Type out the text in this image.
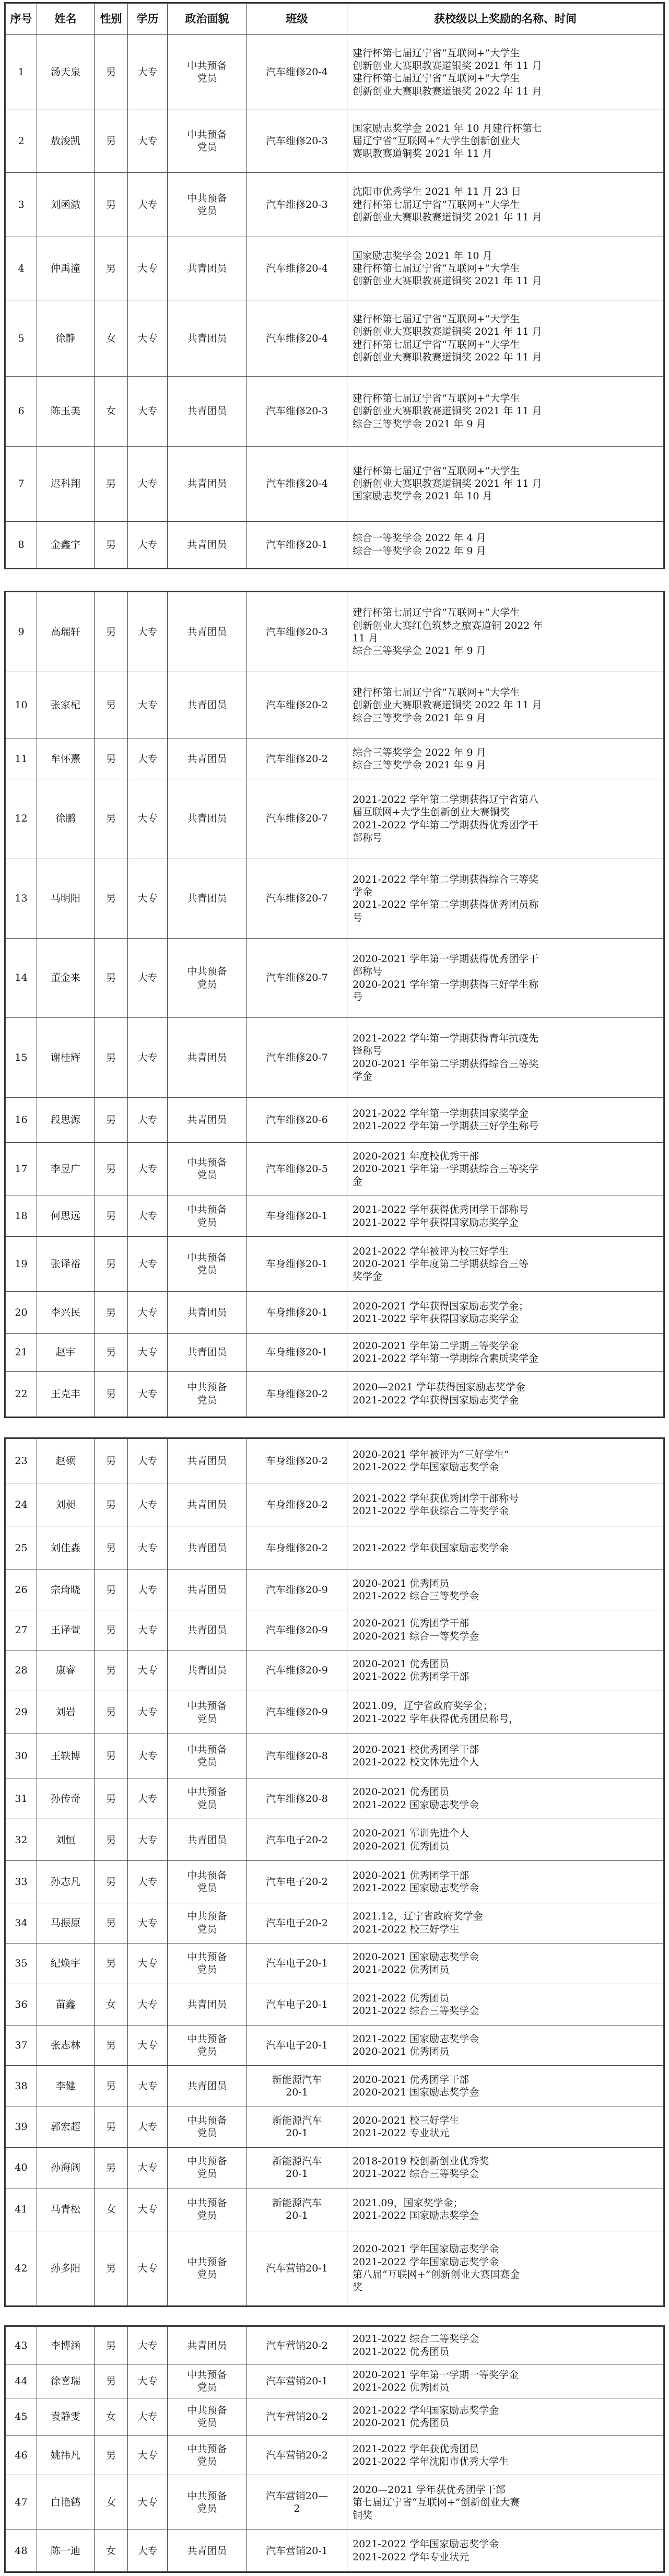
序号	姓名	性别	学历	政治面貌	班级	获校级以上奖励的名称、时间
1	汤天泉	男	大专	中共预备
党员	汽车维修20-4	建行杯第七届辽宁省“互联网+”大学生
创新创业大赛职教赛道银奖 2021 年 11 月
建行杯第七届辽宁省“互联网+”大学生
创新创业大赛职教赛道银奖 2022 年 11 月
2	敖浚凯	男	大专	中共预备
党员	汽车维修20-3	国家励志奖学金 2021 年 10 月建行杯第七
届辽宁省“互联网+”大学生创新创业大
赛职教赛道铜奖 2021 年 11 月
3	刘函澈	男	大专	中共预备
党员	汽车维修20-3	沈阳市优秀学生 2021 年 11 月 23 日
建行杯第七届辽宁省“互联网+”大学生
创新创业大赛职教赛道铜奖 2021 年 11 月
4	仲禹潼	男	大专	共青团员	汽车维修20-4	国家励志奖学金 2021 年 10 月
建行杯第七届辽宁省“互联网+”大学生
创新创业大赛职教赛道铜奖 2021 年 11 月
5	徐静	女	大专	共青团员	汽车维修20-4	建行杯第七届辽宁省“互联网+”大学生
创新创业大赛职教赛道铜奖 2021 年 11 月
建行杯第七届辽宁省“互联网+”大学生
创新创业大赛职教赛道铜奖 2022 年 11 月
6	陈玉美	女	大专	共青团员	汽车维修20-3	建行杯第七届辽宁省“互联网+”大学生
创新创业大赛职教赛道铜奖 2021 年 11 月
综合三等奖学金 2021 年 9 月
7	迟科翔	男	大专	共青团员	汽车维修20-4	建行杯第七届辽宁省“互联网+”大学生
创新创业大赛职教赛道铜奖 2021 年 11 月
国家励志奖学金 2021 年 10 月
8	金鑫宇	男	大专	共青团员	汽车维修20-1	综合一等奖学金 2022 年 4 月
综合一等奖学金 2022 年 9 月
9	高瑞轩	男	大专	共青团员	汽车维修20-3	建行杯第七届辽宁省“互联网+”大学生
创新创业大赛红色筑梦之旅赛道铜 2022 年
11 月
综合三等奖学金 2021 年 9 月
10	张家杞	男	大专	共青团员	汽车维修20-2	建行杯第七届辽宁省“互联网+”大学生
创新创业大赛职教赛道铜奖 2022 年 11 月
综合三等奖学金 2021 年 9 月
11	牟怀熹	男	大专	共青团员	汽车维修20-2	综合三等奖学金 2022 年 9 月
综合三等奖学金 2021 年 9 月
12	徐鹏	男	大专	共青团员	汽车维修20-7	2021-2022 学年第二学期获得辽宁省第八
届互联网+大学生创新创业大赛铜奖
2021-2022 学年第二学期获得优秀团学干
部称号
13	马明阳	男	大专	共青团员	汽车维修20-7	2021-2022 学年第二学期获得综合三等奖
学金
2021-2022 学年第二学期获得优秀团员称
号
14	董金来	男	大专	中共预备
党员	汽车维修20-7	2020-2021 学年第一学期获得优秀团学干
部称号
2020-2021 学年第一学期获得三好学生称
号
15	谢桂辉	男	大专	共青团员	汽车维修20-7	2021-2022 学年第一学期获得青年抗疫先
锋称号
2020-2021 学年第二学期获得综合三等奖
学金
16	段思源	男	大专	共青团员	汽车维修20-6	2021-2022 学年第一学期获国家奖学金
2021-2022 学年第一学期获三好学生称号
17	李昱广	男	大专	中共预备
党员	汽车维修20-5	2020-2021 年度校优秀干部
2020-2021 学年第一学期获综合三等奖学
金
18	何思远	男	大专	中共预备
党员	车身维修20-1	2021-2022 学年获得优秀团学干部称号
2021-2022 学年获得国家励志奖学金
19	张译裕	男	大专	中共预备
党员	车身维修20-1	2021-2022 学年被评为校三好学生
2020-2021 学年度第二学期获综合三等
奖学金
20	李兴民	男	大专	共青团员	车身维修20-1	2020-2021 学年获得国家励志奖学金；
2021-2022 学年获得国家励志奖学金
21	赵宇	男	大专	共青团员	车身维修20-1	2020-2021 学年第二学期三等奖学金
2021-2022 学年第一学期综合素质奖学金
22	王克丰	男	大专	中共预备
党员	车身维修20-2	2020—2021 学年获得国家励志奖学金
2021-2022 学年获得国家励志奖学金
23	赵硕	男	大专	共青团员	车身维修20-2	2020-2021 学年被评为“三好学生”
2021-2022 学年国家励志奖学金
24	刘昶	男	大专	共青团员	车身维修20-2	2021-2022 学年获优秀团学干部称号
2021-2022 学年获综合二等奖学金
25	刘佳淼	男	大专	共青团员	车身维修20-2	2021-2022 学年获国家励志奖学金
26	宗琦晓	男	大专	共青团员	汽车维修20-9	2020-2021 优秀团员
2021-2022 综合三等奖学金
27	王译萱	男	大专	共青团员	汽车维修20-9	2020-2021 优秀团学干部
2020-2021 综合一等奖学金
28	康睿	男	大专	共青团员	汽车维修20-9	2020-2021 优秀团员
2021-2022 优秀团学干部
29	刘岩	男	大专	中共预备
党员	汽车维修20-9	2021.09，辽宁省政府奖学金；
2021-2022 学年获得优秀团员称号，
30	王轶博	男	大专	中共预备
党员	汽车维修20-8	2020-2021 校优秀团学干部
2021-2022 校文体先进个人
31	孙传奇	男	大专	中共预备
党员	汽车维修20-8	2020-2021 优秀团员
2021-2022 国家励志奖学金
32	刘恒	男	大专	共青团员	汽车电子20-2	2020-2021 军训先进个人
2020-2021 优秀团员
33	孙志凡	男	大专	中共预备
党员	汽车电子20-2	2020-2021 优秀团学干部
2021-2022 国家励志奖学金
34	马振原	男	大专	中共预备
党员	汽车电子20-2	2021.12，辽宁省政府奖学金
2021-2022 校三好学生
35	纪焕宇	男	大专	中共预备
党员	汽车电子20-1	2020-2021 国家励志奖学金
2021-2022 优秀团员
36	苗鑫	女	大专	共青团员	汽车电子20-1	2021-2022 优秀团员
2021-2022 综合三等奖学金
37	张志林	男	大专	中共预备
党员	汽车电子20-1	2021-2022 国家励志奖学金
2020-2021 优秀团员
38	李健	男	大专	共青团员	新能源汽车
20-1	2020-2021 优秀团学干部
2020-2021 国家励志奖学金
39	郭宏超	男	大专	中共预备
党员	新能源汽车
20-1	2020-2021 校三好学生
2021-2022 专业状元
40	孙海阔	男	大专	中共预备
党员	新能源汽车
20-1	2018-2019 校创新创业优秀奖
2021-2022 综合三等奖学金
41	马青松	女	大专	中共预备
党员	新能源汽车
20-1	2021.09，国家奖学金；
2021-2022 国家励志奖学金
42	孙多阳	男	大专	中共预备
党员	汽车营销20-1	2020-2021 学年国家励志奖学金
2021-2022 学年国家励志奖学金
第八届“互联网+”创新创业大赛国赛金
奖
43	李博涵	男	大专	共青团员	汽车营销20-2	2021-2022 综合二等奖学金
2021-2022 优秀团员
44	徐喜瑞	男	大专	中共预备
党员	汽车营销20-1	2020-2021 学年第一学期一等奖学金
2021-2022 优秀团员
45	袁静雯	女	大专	中共预备
党员	汽车营销20-2	2021-2022 学年国家励志奖学金
2020-2021 优秀团员
46	姚祎凡	男	大专	中共预备
党员	汽车营销20-2	2021-2022 学年获优秀团员
2021-2022 学年沈阳市优秀大学生
47	白艳鹤	女	大专	中共预备
党员	汽车营销20—
2	2020—2021 学年获优秀团学干部
第七届辽宁省“互联网+”创新创业大赛
铜奖
48	陈一迪	女	大专	共青团员	汽车营销20-1	2021-2022 学年国家励志奖学金
2021-2022 学年专业状元
